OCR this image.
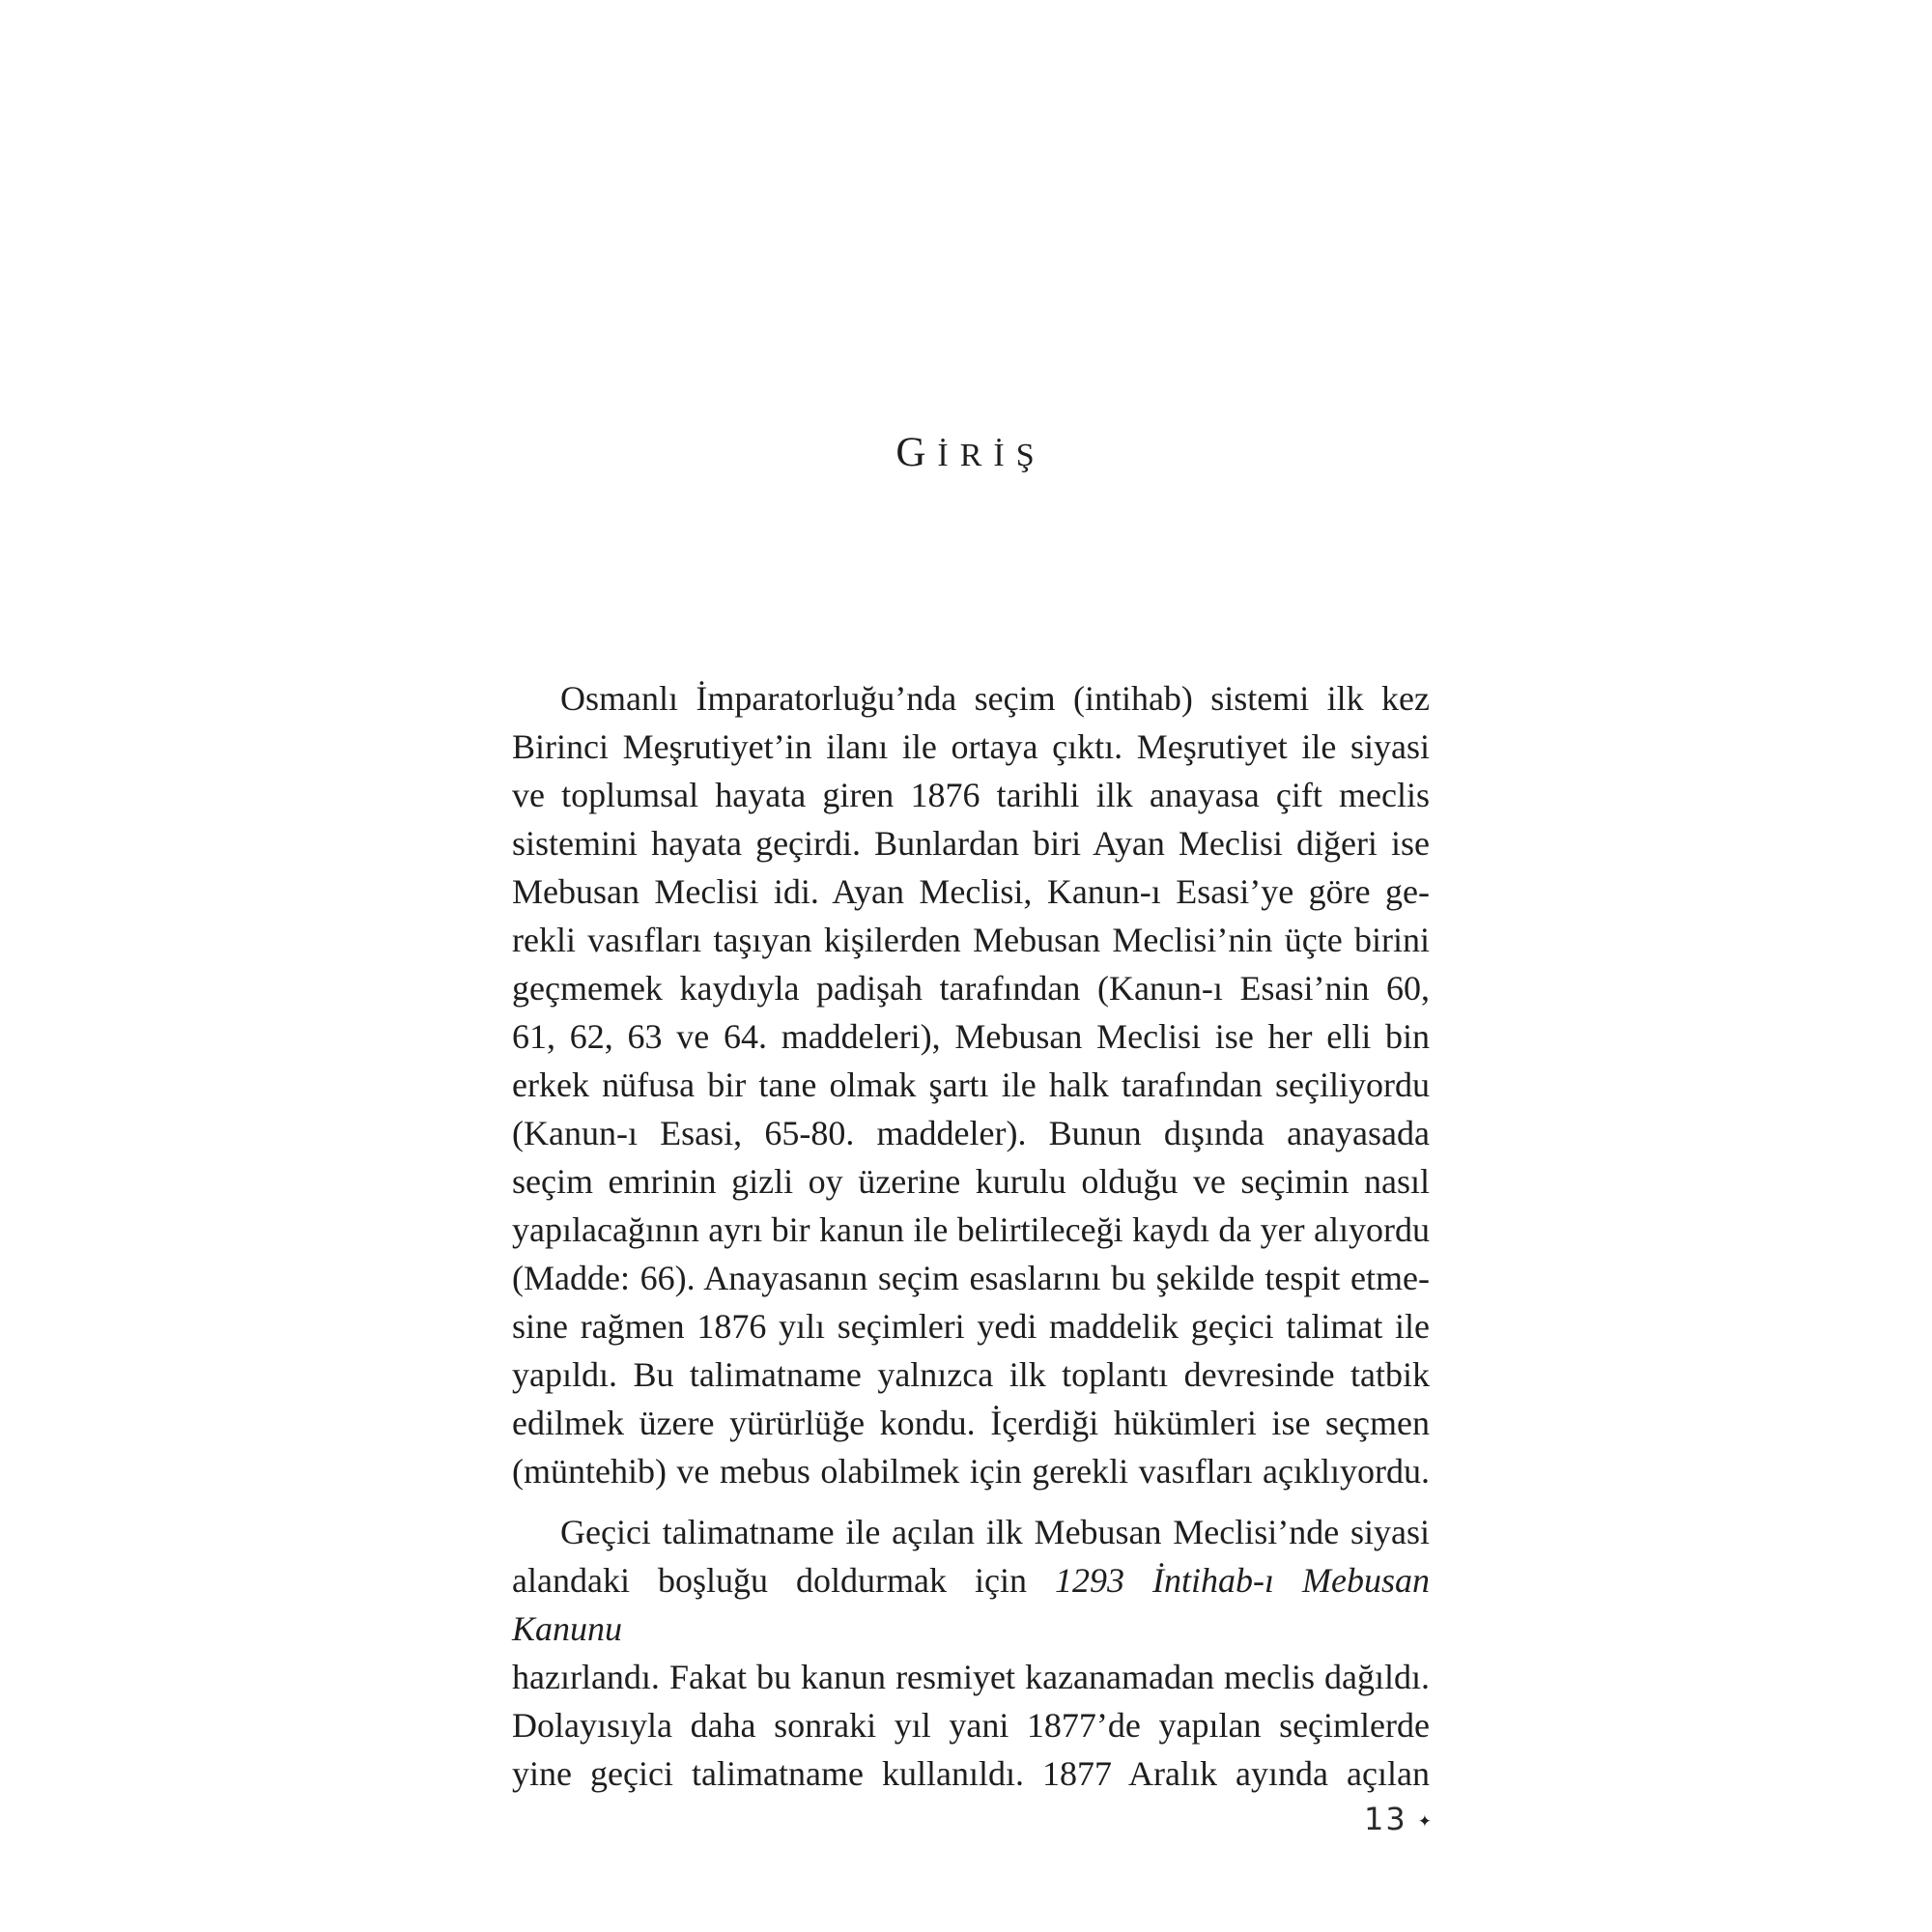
GİRİŞ
Osmanlı İmparatorluğu’nda seçim (intihab) sistemi ilk kez
Birinci Meşrutiyet’in ilanı ile ortaya çıktı. Meşrutiyet ile siyasi
ve toplumsal hayata giren 1876 tarihli ilk anayasa çift meclis
sistemini hayata geçirdi. Bunlardan biri Ayan Meclisi diğeri ise
Mebusan Meclisi idi. Ayan Meclisi, Kanun-ı Esasi’ye göre ge-
rekli vasıfları taşıyan kişilerden Mebusan Meclisi’nin üçte birini
geçmemek kaydıyla padişah tarafından (Kanun-ı Esasi’nin 60,
61, 62, 63 ve 64. maddeleri), Mebusan Meclisi ise her elli bin
erkek nüfusa bir tane olmak şartı ile halk tarafından seçiliyordu
(Kanun-ı Esasi, 65-80. maddeler). Bunun dışında anayasada
seçim emrinin gizli oy üzerine kurulu olduğu ve seçimin nasıl
yapılacağının ayrı bir kanun ile belirtileceği kaydı da yer alıyordu
(Madde: 66). Anayasanın seçim esaslarını bu şekilde tespit etme-
sine rağmen 1876 yılı seçimleri yedi maddelik geçici talimat ile
yapıldı. Bu talimatname yalnızca ilk toplantı devresinde tatbik
edilmek üzere yürürlüğe kondu. İçerdiği hükümleri ise seçmen
(müntehib) ve mebus olabilmek için gerekli vasıfları açıklıyordu.
Geçici talimatname ile açılan ilk Mebusan Meclisi’nde siyasi
alandaki boşluğu doldurmak için 1293 İntihab-ı Mebusan Kanunu
hazırlandı. Fakat bu kanun resmiyet kazanamadan meclis dağıldı.
Dolayısıyla daha sonraki yıl yani 1877’de yapılan seçimlerde
yine geçici talimatname kullanıldı. 1877 Aralık ayında açılan
13 ✦
